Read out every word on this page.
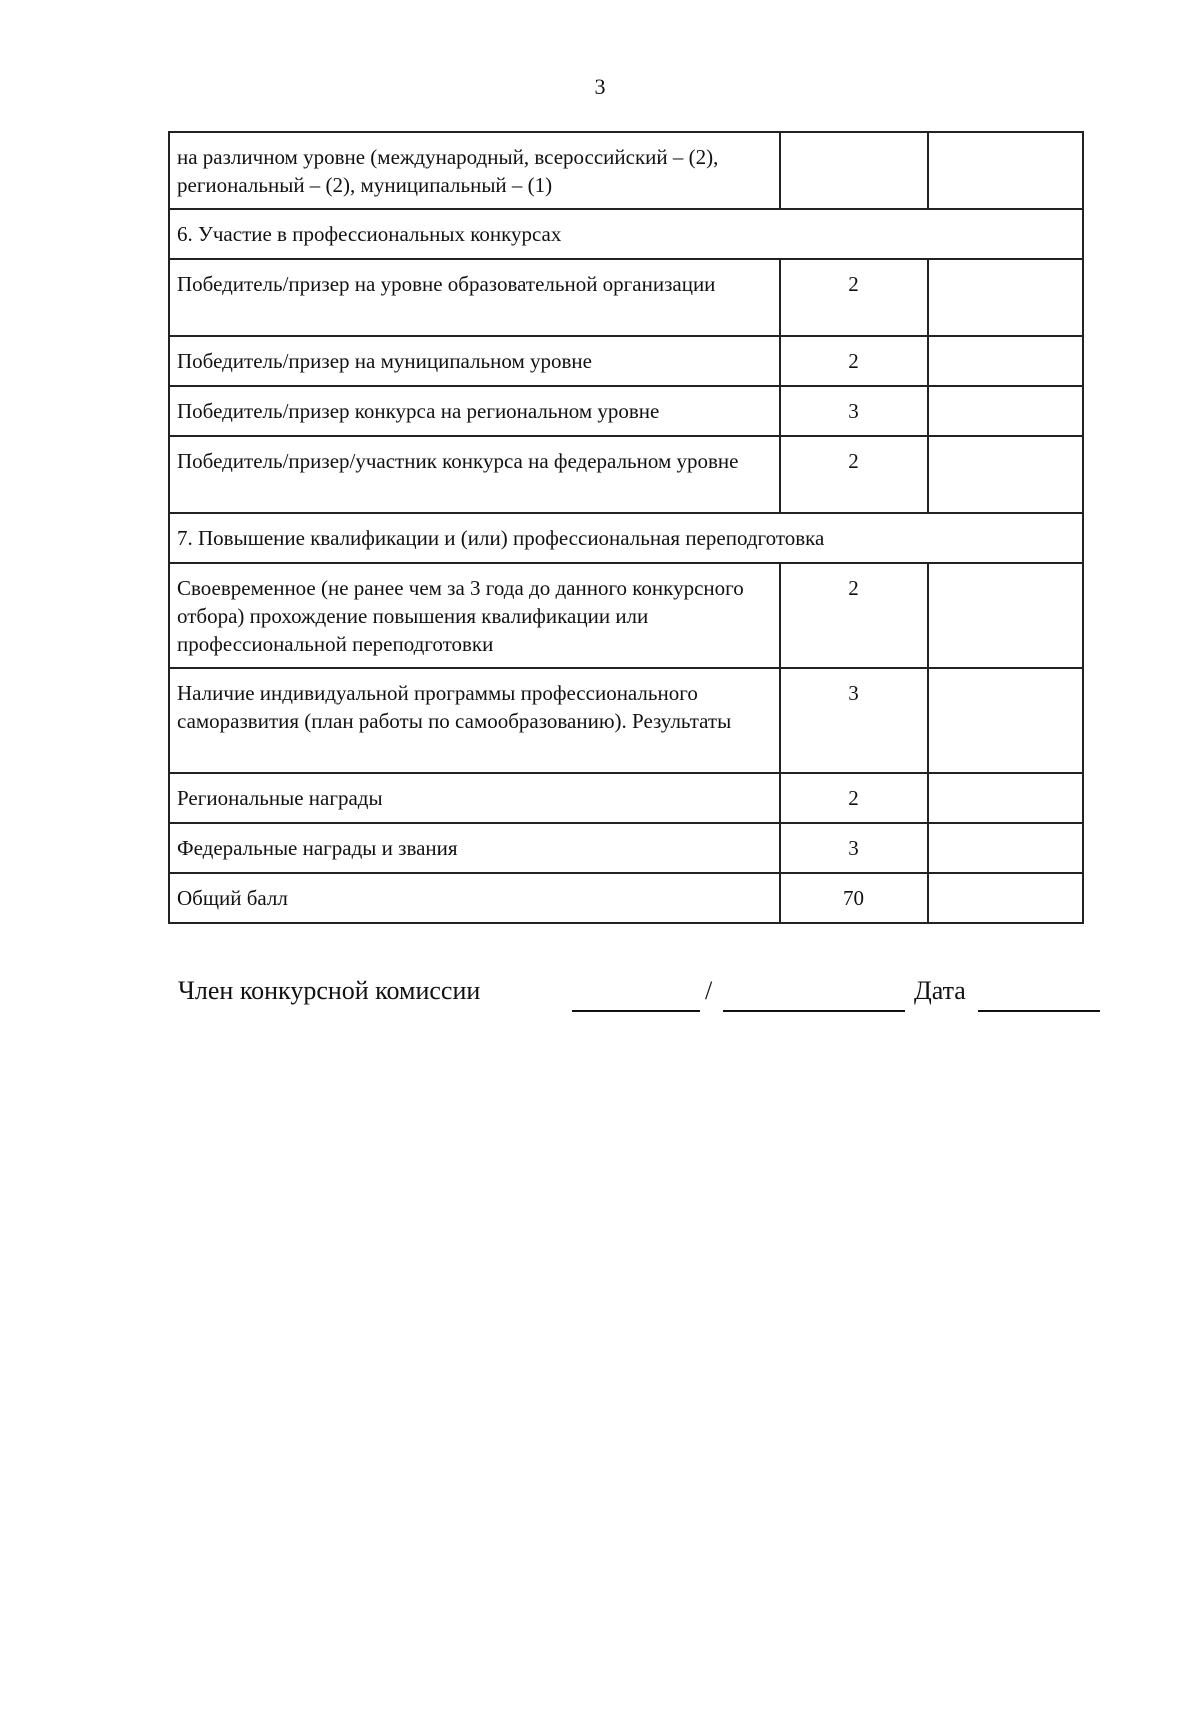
3
на различном уровне (международный, всероссийский – (2), региональный – (2), муниципальный – (1)		
6. Участие в профессиональных конкурсах		
Победитель/призер на уровне образовательной организации	2	
Победитель/призер на муниципальном уровне	2	
Победитель/призер конкурса на региональном уровне	3	
Победитель/призер/участник конкурса на федеральном уровне	2	
7. Повышение квалификации и (или) профессиональная переподготовка		
Своевременное (не ранее чем за 3 года до данного конкурсного отбора) прохождение повышения квалификации или профессиональной переподготовки	2	
Наличие индивидуальной программы профессионального саморазвития (план работы по самообразованию). Результаты	3	
Региональные награды	2	
Федеральные награды и звания	3	
Общий балл	70	
Член конкурсной комиссии	/	Дата
